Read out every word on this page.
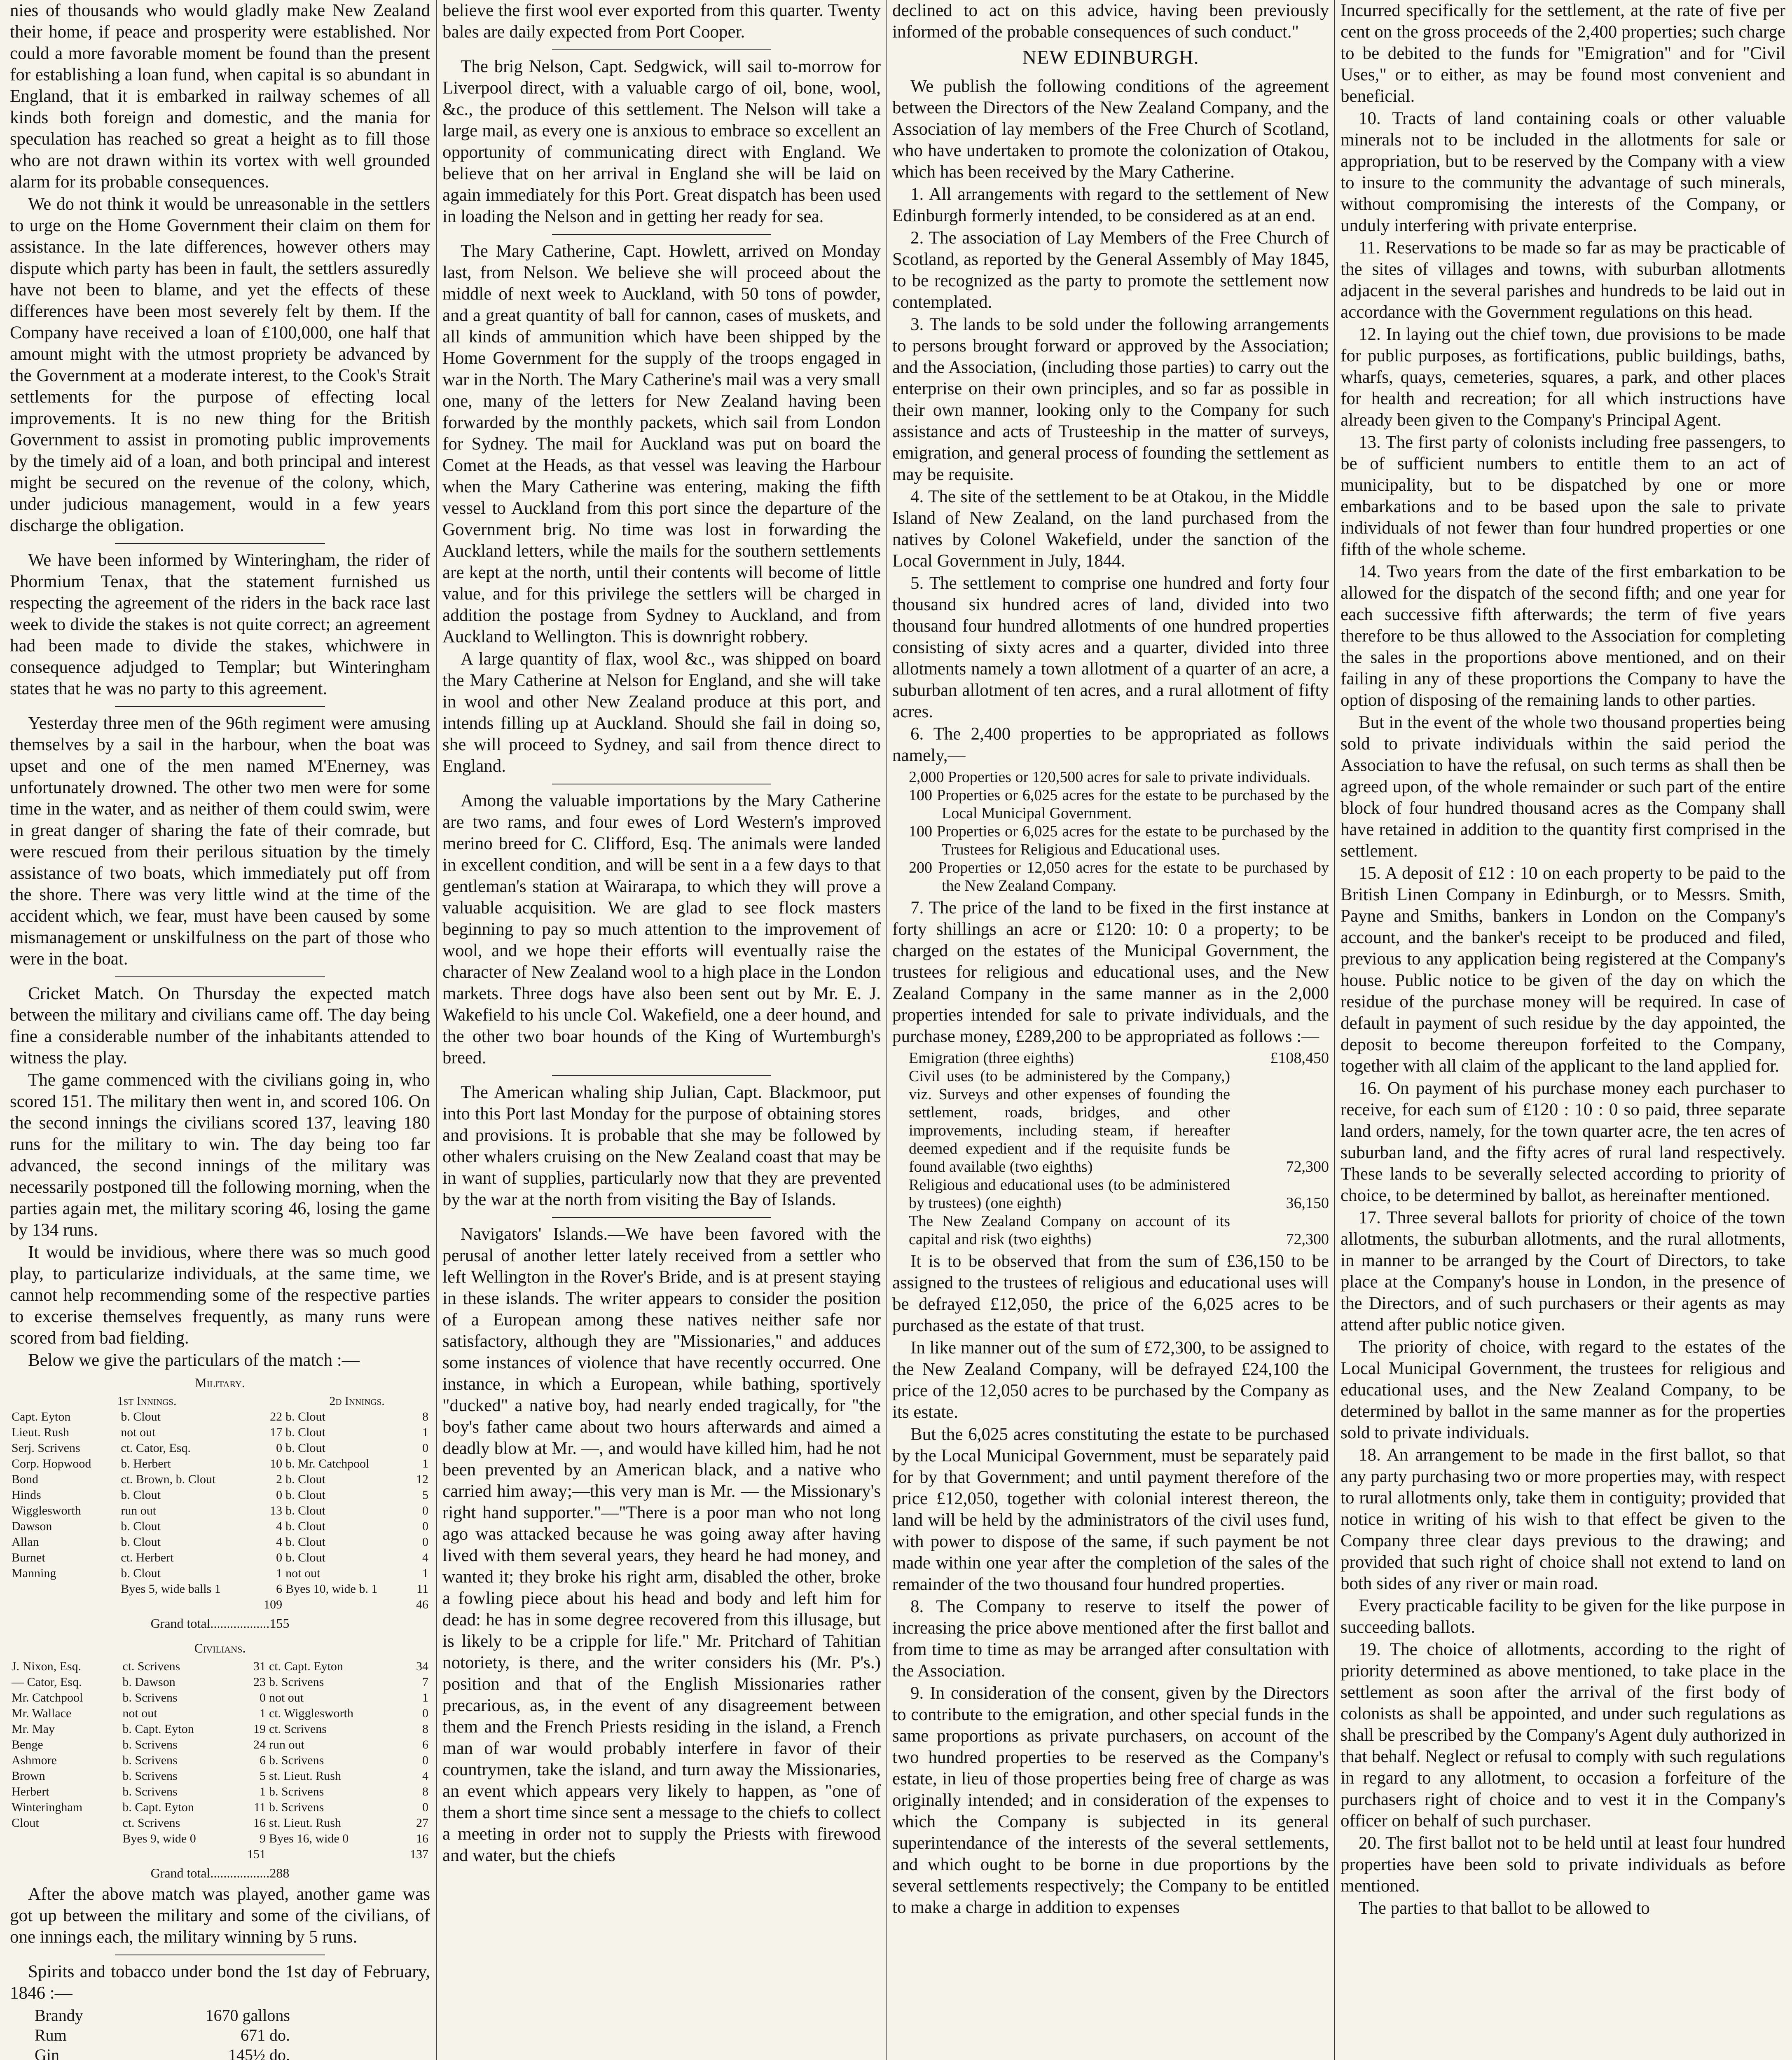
nies of thousands who would gladly make New Zealand their home, if peace and prosperity were established. Nor could a more favorable moment be found than the present for establishing a loan fund, when capital is so abundant in England, that it is embarked in railway schemes of all kinds both foreign and domestic, and the mania for speculation has reached so great a height as to fill those who are not drawn within its vortex with well grounded alarm for its probable consequences.

We do not think it would be unreasonable in the settlers to urge on the Home Government their claim on them for assistance. In the late differences, however others may dispute which party has been in fault, the settlers assuredly have not been to blame, and yet the effects of these differences have been most severely felt by them. If the Company have received a loan of £100,000, one half that amount might with the utmost propriety be advanced by the Government at a moderate interest, to the Cook's Strait settlements for the purpose of effecting local improvements. It is no new thing for the British Government to assist in promoting public improvements by the timely aid of a loan, and both principal and interest might be secured on the revenue of the colony, which, under judicious management, would in a few years discharge the obligation.

We have been informed by Winteringham, the rider of Phormium Tenax, that the statement furnished us respecting the agreement of the riders in the back race last week to divide the stakes is not quite correct; an agreement had been made to divide the stakes, whichwere in consequence adjudged to Templar; but Winteringham states that he was no party to this agreement.

Yesterday three men of the 96th regiment were amusing themselves by a sail in the harbour, when the boat was upset and one of the men named M'Enerney, was unfortunately drowned. The other two men were for some time in the water, and as neither of them could swim, were in great danger of sharing the fate of their comrade, but were rescued from their perilous situation by the timely assistance of two boats, which immediately put off from the shore. There was very little wind at the time of the accident which, we fear, must have been caused by some mismanagement or unskilfulness on the part of those who were in the boat.

Cricket Match. On Thursday the expected match between the military and civilians came off. The day being fine a considerable number of the inhabitants attended to witness the play.

The game commenced with the civilians going in, who scored 151. The military then went in, and scored 106. On the second innings the civilians scored 137, leaving 180 runs for the military to win. The day being too far advanced, the second innings of the military was necessarily postponed till the following morning, when the parties again met, the military scoring 46, losing the game by 134 runs.

It would be invidious, where there was so much good play, to particularize individuals, at the same time, we cannot help recommending some of the respective parties to excerise themselves frequently, as many runs were scored from bad fielding.

Below we give the particulars of the match :—

Military.
1st Innings.			2d Innings.	
Capt. Eyton	b. Clout	22	b. Clout	8
Lieut. Rush	not out	17	b. Clout	1
Serj. Scrivens	ct. Cator, Esq.	0	b. Clout	0
Corp. Hopwood	b. Herbert	10	b. Mr. Catchpool	1
Bond	ct. Brown, b. Clout	2	b. Clout	12
Hinds	b. Clout	0	b. Clout	5
Wigglesworth	run out	13	b. Clout	0
Dawson	b. Clout	4	b. Clout	0
Allan	b. Clout	4	b. Clout	0
Burnet	ct. Herbert	0	b. Clout	4
Manning	b. Clout	1	not out	1
	Byes 5, wide balls 1	6	Byes 10, wide b. 1	11
		109		46
Grand total..................155
Civilians.
J. Nixon, Esq.	ct. Scrivens	31	ct. Capt. Eyton	34
— Cator, Esq.	b. Dawson	23	b. Scrivens	7
Mr. Catchpool	b. Scrivens	0	not out	1
Mr. Wallace	not out	1	ct. Wigglesworth	0
Mr. May	b. Capt. Eyton	19	ct. Scrivens	8
Benge	b. Scrivens	24	run out	6
Ashmore	b. Scrivens	6	b. Scrivens	0
Brown	b. Scrivens	5	st. Lieut. Rush	4
Herbert	b. Scrivens	1	b. Scrivens	8
Winteringham	b. Capt. Eyton	11	b. Scrivens	0
Clout	ct. Scrivens	16	st. Lieut. Rush	27
	Byes 9, wide 0	9	Byes 16, wide 0	16
		151		137
Grand total..................288

After the above match was played, another game was got up between the military and some of the civilians, of one innings each, the military winning by 5 runs.

Spirits and tobacco under bond the 1st day of February, 1846 :—

Brandy	1670 gallons
Rum	671 do.
Gin	145½ do.

believe the first wool ever exported from this quarter. Twenty bales are daily expected from Port Cooper.

The brig Nelson, Capt. Sedgwick, will sail to-morrow for Liverpool direct, with a valuable cargo of oil, bone, wool, &c., the produce of this settlement. The Nelson will take a large mail, as every one is anxious to embrace so excellent an opportunity of communicating direct with England. We believe that on her arrival in England she will be laid on again immediately for this Port. Great dispatch has been used in loading the Nelson and in getting her ready for sea.

The Mary Catherine, Capt. Howlett, arrived on Monday last, from Nelson. We believe she will proceed about the middle of next week to Auckland, with 50 tons of powder, and a great quantity of ball for cannon, cases of muskets, and all kinds of ammunition which have been shipped by the Home Government for the supply of the troops engaged in war in the North. The Mary Catherine's mail was a very small one, many of the letters for New Zealand having been forwarded by the monthly packets, which sail from London for Sydney. The mail for Auckland was put on board the Comet at the Heads, as that vessel was leaving the Harbour when the Mary Catherine was entering, making the fifth vessel to Auckland from this port since the departure of the Government brig. No time was lost in forwarding the Auckland letters, while the mails for the southern settlements are kept at the north, until their contents will become of little value, and for this privilege the settlers will be charged in addition the postage from Sydney to Auckland, and from Auckland to Wellington. This is downright robbery.

A large quantity of flax, wool &c., was shipped on board the Mary Catherine at Nelson for England, and she will take in wool and other New Zealand produce at this port, and intends filling up at Auckland. Should she fail in doing so, she will proceed to Sydney, and sail from thence direct to England.

Among the valuable importations by the Mary Catherine are two rams, and four ewes of Lord Western's improved merino breed for C. Clifford, Esq. The animals were landed in excellent condition, and will be sent in a a few days to that gentleman's station at Wairarapa, to which they will prove a valuable acquisition. We are glad to see flock masters beginning to pay so much attention to the improvement of wool, and we hope their efforts will eventually raise the character of New Zealand wool to a high place in the London markets. Three dogs have also been sent out by Mr. E. J. Wakefield to his uncle Col. Wakefield, one a deer hound, and the other two boar hounds of the King of Wurtemburgh's breed.

The American whaling ship Julian, Capt. Blackmoor, put into this Port last Monday for the purpose of obtaining stores and provisions. It is probable that she may be followed by other whalers cruising on the New Zealand coast that may be in want of supplies, particularly now that they are prevented by the war at the north from visiting the Bay of Islands.

Navigators' Islands.—We have been favored with the perusal of another letter lately received from a settler who left Wellington in the Rover's Bride, and is at present staying in these islands. The writer appears to consider the position of a European among these natives neither safe nor satisfactory, although they are "Missionaries," and adduces some instances of violence that have recently occurred. One instance, in which a European, while bathing, sportively "ducked" a native boy, had nearly ended tragically, for "the boy's father came about two hours afterwards and aimed a deadly blow at Mr. —, and would have killed him, had he not been prevented by an American black, and a native who carried him away;—this very man is Mr. — the Missionary's right hand supporter."—"There is a poor man who not long ago was attacked because he was going away after having lived with them several years, they heard he had money, and wanted it; they broke his right arm, disabled the other, broke a fowling piece about his head and body and left him for dead: he has in some degree recovered from this illusage, but is likely to be a cripple for life." Mr. Pritchard of Tahitian notoriety, is there, and the writer considers his (Mr. P's.) position and that of the English Missionaries rather precarious, as, in the event of any disagreement between them and the French Priests residing in the island, a French man of war would probably interfere in favor of their countrymen, take the island, and turn away the Missionaries, an event which appears very likely to happen, as "one of them a short time since sent a message to the chiefs to collect a meeting in order not to supply the Priests with firewood and water, but the chiefs

declined to act on this advice, having been previously informed of the probable consequences of such conduct."

NEW EDINBURGH.

We publish the following conditions of the agreement between the Directors of the New Zealand Company, and the Association of lay members of the Free Church of Scotland, who have undertaken to promote the colonization of Otakou, which has been received by the Mary Catherine.

1. All arrangements with regard to the settlement of New Edinburgh formerly intended, to be considered as at an end.

2. The association of Lay Members of the Free Church of Scotland, as reported by the General Assembly of May 1845, to be recognized as the party to promote the settlement now contemplated.

3. The lands to be sold under the following arrangements to persons brought forward or approved by the Association; and the Association, (including those parties) to carry out the enterprise on their own principles, and so far as possible in their own manner, looking only to the Company for such assistance and acts of Trusteeship in the matter of surveys, emigration, and general process of founding the settlement as may be requisite.

4. The site of the settlement to be at Otakou, in the Middle Island of New Zealand, on the land purchased from the natives by Colonel Wakefield, under the sanction of the Local Government in July, 1844.

5. The settlement to comprise one hundred and forty four thousand six hundred acres of land, divided into two thousand four hundred allotments of one hundred properties consisting of sixty acres and a quarter, divided into three allotments namely a town allotment of a quarter of an acre, a suburban allotment of ten acres, and a rural allotment of fifty acres.

6. The 2,400 properties to be appropriated as follows namely,—

2,000 Properties or 120,500 acres for sale to private individuals.
100 Properties or 6,025 acres for the estate to be purchased by the Local Municipal Government.
100 Properties or 6,025 acres for the estate to be purchased by the Trustees for Religious and Educational uses.
200 Properties or 12,050 acres for the estate to be purchased by the New Zealand Company.

7. The price of the land to be fixed in the first instance at forty shillings an acre or £120: 10: 0 a property; to be charged on the estates of the Municipal Government, the trustees for religious and educational uses, and the New Zealand Company in the same manner as in the 2,000 properties intended for sale to private individuals, and the purchase money, £289,200 to be appropriated as follows :—

Emigration (three eighths)	£108,450
Civil uses (to be administered by the Company,) viz. Surveys and other expenses of founding the settlement, roads, bridges, and other improvements, including steam, if hereafter deemed expedient and if the requisite funds be found available (two eighths)	72,300
Religious and educational uses (to be administered by trustees) (one eighth)	36,150
The New Zealand Company on account of its capital and risk (two eighths)	72,300

It is to be observed that from the sum of £36,150 to be assigned to the trustees of religious and educational uses will be defrayed £12,050, the price of the 6,025 acres to be purchased as the estate of that trust.

In like manner out of the sum of £72,300, to be assigned to the New Zealand Company, will be defrayed £24,100 the price of the 12,050 acres to be purchased by the Company as its estate.

But the 6,025 acres constituting the estate to be purchased by the Local Municipal Government, must be separately paid for by that Government; and until payment therefore of the price £12,050, together with colonial interest thereon, the land will be held by the administrators of the civil uses fund, with power to dispose of the same, if such payment be not made within one year after the completion of the sales of the remainder of the two thousand four hundred properties.

8. The Company to reserve to itself the power of increasing the price above mentioned after the first ballot and from time to time as may be arranged after consultation with the Association.

9. In consideration of the consent, given by the Directors to contribute to the emigration, and other special funds in the same proportions as private purchasers, on account of the two hundred properties to be reserved as the Company's estate, in lieu of those properties being free of charge as was originally intended; and in consideration of the expenses to which the Company is subjected in its general superintendance of the interests of the several settlements, and which ought to be borne in due proportions by the several settlements respectively; the Company to be entitled to make a charge in addition to expenses

Incurred specifically for the settlement, at the rate of five per cent on the gross proceeds of the 2,400 properties; such charge to be debited to the funds for "Emigration" and for "Civil Uses," or to either, as may be found most convenient and beneficial.

10. Tracts of land containing coals or other valuable minerals not to be included in the allotments for sale or appropriation, but to be reserved by the Company with a view to insure to the community the advantage of such minerals, without compromising the interests of the Company, or unduly interfering with private enterprise.

11. Reservations to be made so far as may be practicable of the sites of villages and towns, with suburban allotments adjacent in the several parishes and hundreds to be laid out in accordance with the Government regulations on this head.

12. In laying out the chief town, due provisions to be made for public purposes, as fortifications, public buildings, baths, wharfs, quays, cemeteries, squares, a park, and other places for health and recreation; for all which instructions have already been given to the Company's Principal Agent.

13. The first party of colonists including free passengers, to be of sufficient numbers to entitle them to an act of municipality, but to be dispatched by one or more embarkations and to be based upon the sale to private individuals of not fewer than four hundred properties or one fifth of the whole scheme.

14. Two years from the date of the first embarkation to be allowed for the dispatch of the second fifth; and one year for each successive fifth afterwards; the term of five years therefore to be thus allowed to the Association for completing the sales in the proportions above mentioned, and on their failing in any of these proportions the Company to have the option of disposing of the remaining lands to other parties.

But in the event of the whole two thousand properties being sold to private individuals within the said period the Association to have the refusal, on such terms as shall then be agreed upon, of the whole remainder or such part of the entire block of four hundred thousand acres as the Company shall have retained in addition to the quantity first comprised in the settlement.

15. A deposit of £12 : 10 on each property to be paid to the British Linen Company in Edinburgh, or to Messrs. Smith, Payne and Smiths, bankers in London on the Company's account, and the banker's receipt to be produced and filed, previous to any application being registered at the Company's house. Public notice to be given of the day on which the residue of the purchase money will be required. In case of default in payment of such residue by the day appointed, the deposit to become thereupon forfeited to the Company, together with all claim of the applicant to the land applied for.

16. On payment of his purchase money each purchaser to receive, for each sum of £120 : 10 : 0 so paid, three separate land orders, namely, for the town quarter acre, the ten acres of suburban land, and the fifty acres of rural land respectively. These lands to be severally selected according to priority of choice, to be determined by ballot, as hereinafter mentioned.

17. Three several ballots for priority of choice of the town allotments, the suburban allotments, and the rural allotments, in manner to be arranged by the Court of Directors, to take place at the Company's house in London, in the presence of the Directors, and of such purchasers or their agents as may attend after public notice given.

The priority of choice, with regard to the estates of the Local Municipal Government, the trustees for religious and educational uses, and the New Zealand Company, to be determined by ballot in the same manner as for the properties sold to private individuals.

18. An arrangement to be made in the first ballot, so that any party purchasing two or more properties may, with respect to rural allotments only, take them in contiguity; provided that notice in writing of his wish to that effect be given to the Company three clear days previous to the drawing; and provided that such right of choice shall not extend to land on both sides of any river or main road.

Every practicable facility to be given for the like purpose in succeeding ballots.

19. The choice of allotments, according to the right of priority determined as above mentioned, to take place in the settlement as soon after the arrival of the first body of colonists as shall be appointed, and under such regulations as shall be prescribed by the Company's Agent duly authorized in that behalf. Neglect or refusal to comply with such regulations in regard to any allotment, to occasion a forfeiture of the purchasers right of choice and to vest it in the Company's officer on behalf of such purchaser.

20. The first ballot not to be held until at least four hundred properties have been sold to private individuals as before mentioned.

The parties to that ballot to be allowed to
